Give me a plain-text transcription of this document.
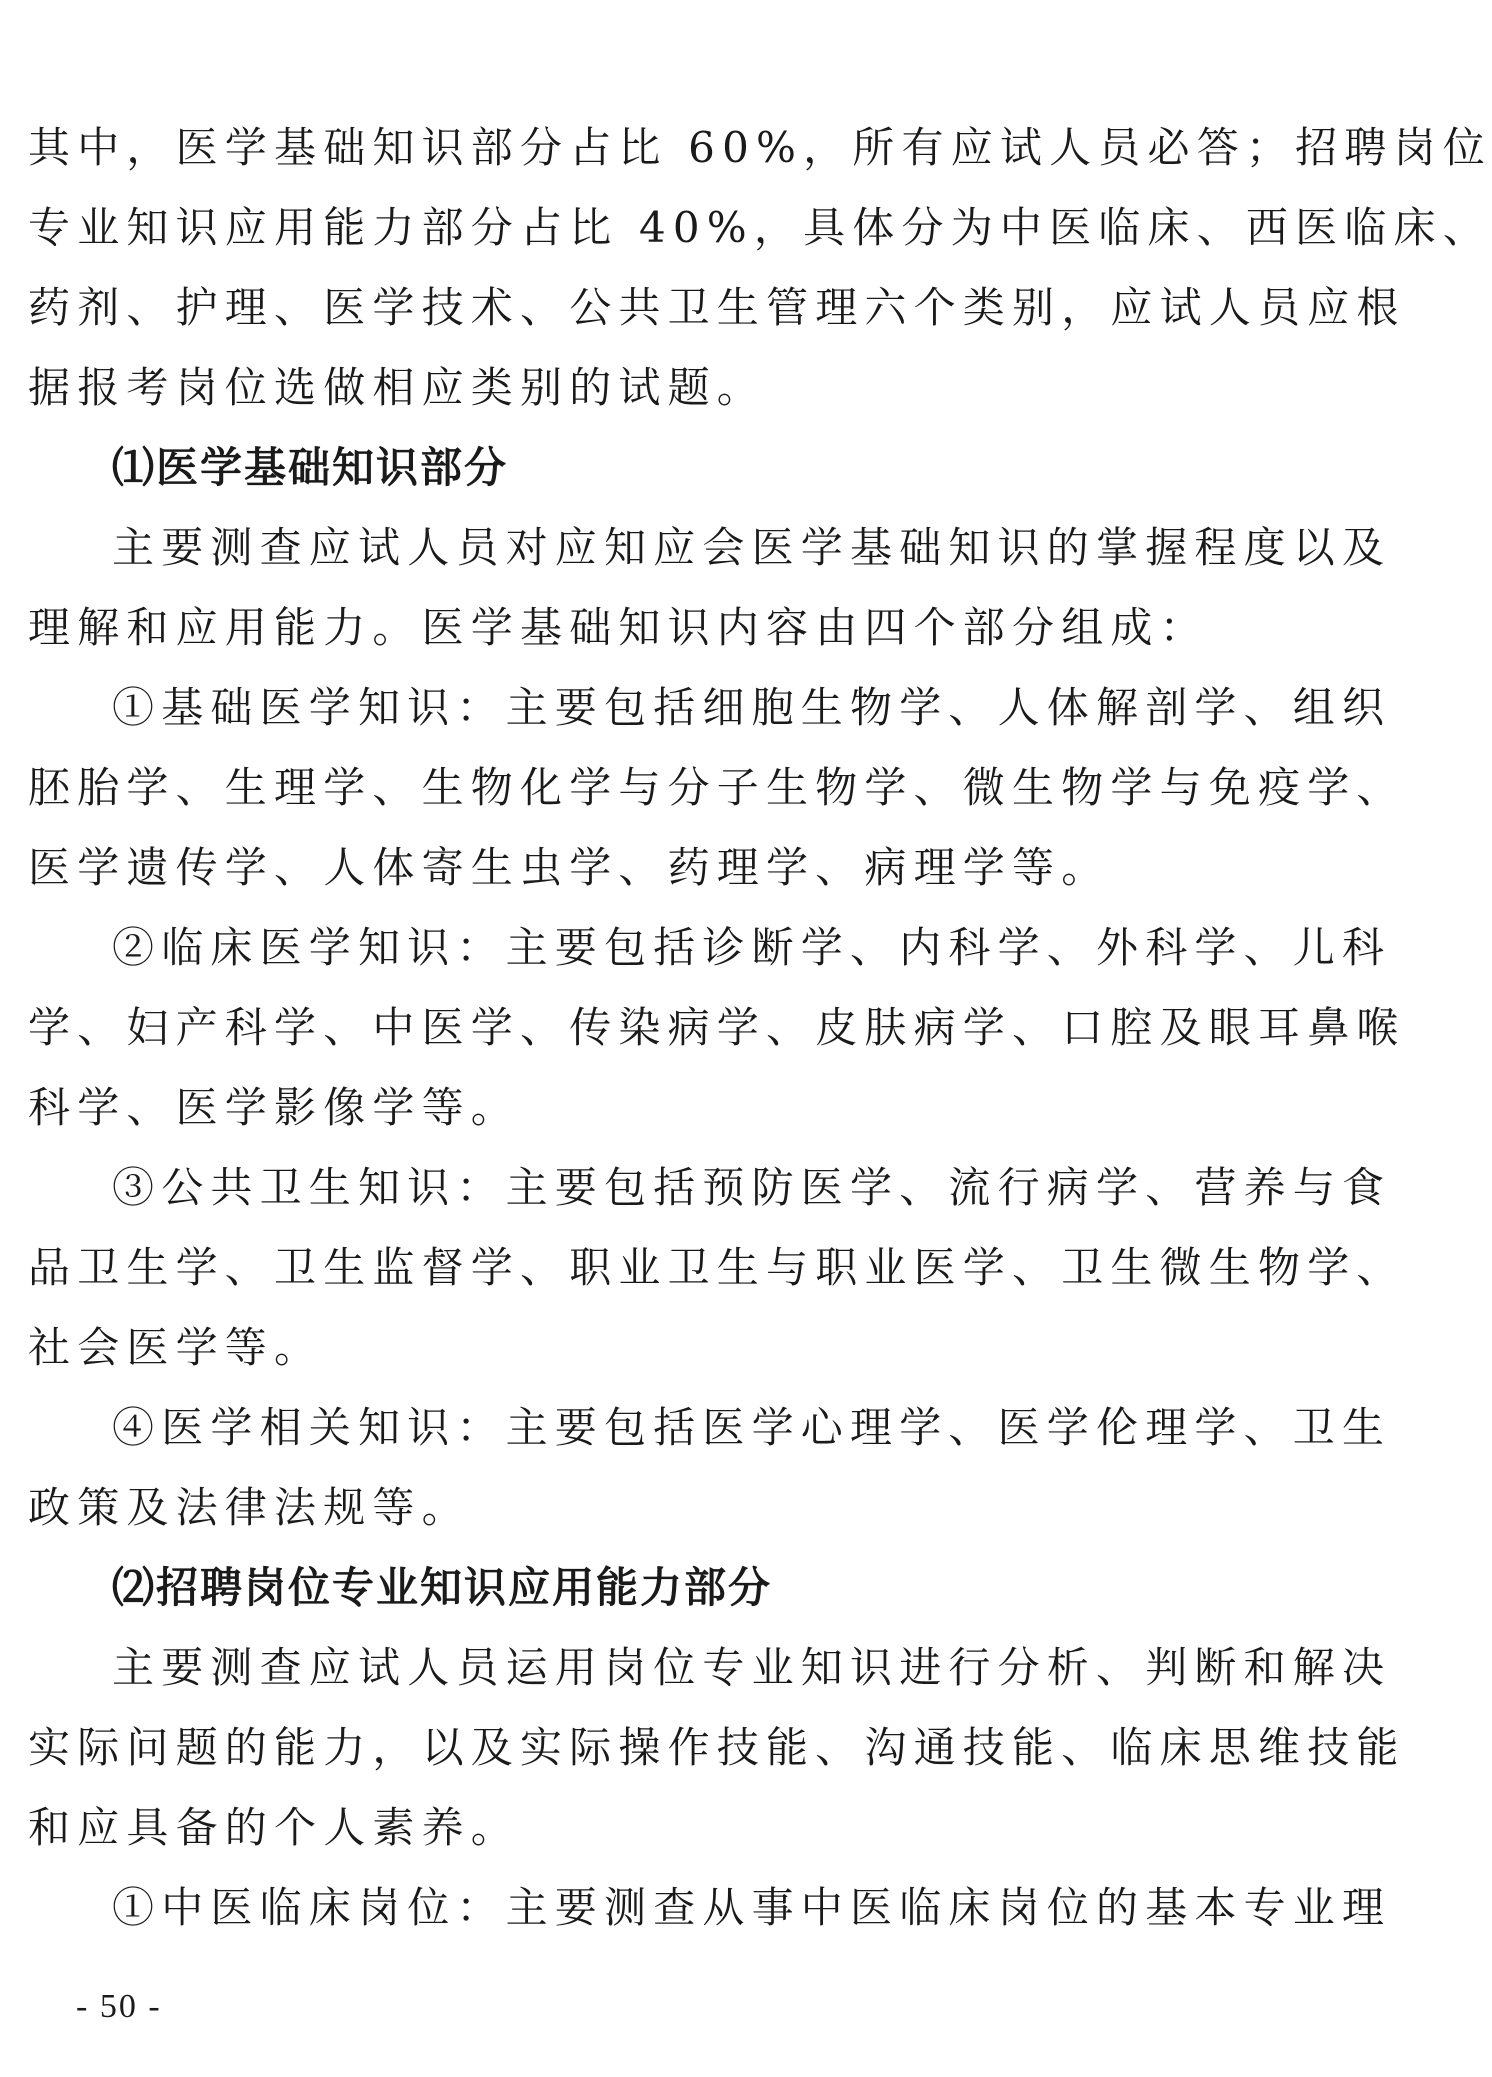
其中，医学基础知识部分占比 60%，所有应试人员必答；招聘岗位
专业知识应用能力部分占比 40%，具体分为中医临床、西医临床、
药剂、护理、医学技术、公共卫生管理六个类别，应试人员应根
据报考岗位选做相应类别的试题。
⑴医学基础知识部分
主要测查应试人员对应知应会医学基础知识的掌握程度以及
理解和应用能力。医学基础知识内容由四个部分组成：
①基础医学知识：主要包括细胞生物学、人体解剖学、组织
胚胎学、生理学、生物化学与分子生物学、微生物学与免疫学、
医学遗传学、人体寄生虫学、药理学、病理学等。
②临床医学知识：主要包括诊断学、内科学、外科学、儿科
学、妇产科学、中医学、传染病学、皮肤病学、口腔及眼耳鼻喉
科学、医学影像学等。
③公共卫生知识：主要包括预防医学、流行病学、营养与食
品卫生学、卫生监督学、职业卫生与职业医学、卫生微生物学、
社会医学等。
④医学相关知识：主要包括医学心理学、医学伦理学、卫生
政策及法律法规等。
⑵招聘岗位专业知识应用能力部分
主要测查应试人员运用岗位专业知识进行分析、判断和解决
实际问题的能力，以及实际操作技能、沟通技能、临床思维技能
和应具备的个人素养。
①中医临床岗位：主要测查从事中医临床岗位的基本专业理
- 50 -
